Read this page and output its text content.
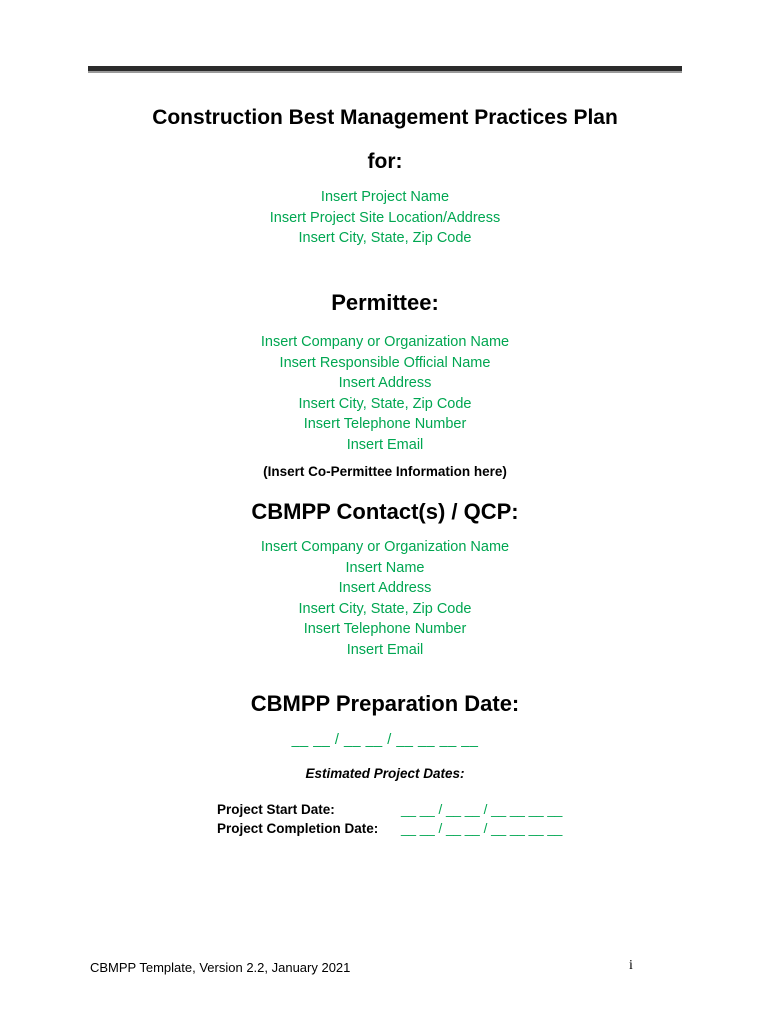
Construction Best Management Practices Plan
for:
Insert Project Name
Insert Project Site Location/Address
Insert City, State, Zip Code
Permittee:
Insert Company or Organization Name
Insert Responsible Official Name
Insert Address
Insert City, State, Zip Code
Insert Telephone Number
Insert Email
(Insert Co-Permittee Information here)
CBMPP Contact(s) / QCP:
Insert Company or Organization Name
Insert Name
Insert Address
Insert City, State, Zip Code
Insert Telephone Number
Insert Email
CBMPP Preparation Date:
__ __ / __ __ / __ __ __ __
Estimated Project Dates:
Project Start Date:	__ __ / __ __ / __ __ __ __
Project Completion Date: __ __ / __ __ / __ __ __ __
CBMPP Template, Version 2.2, January 2021	i
